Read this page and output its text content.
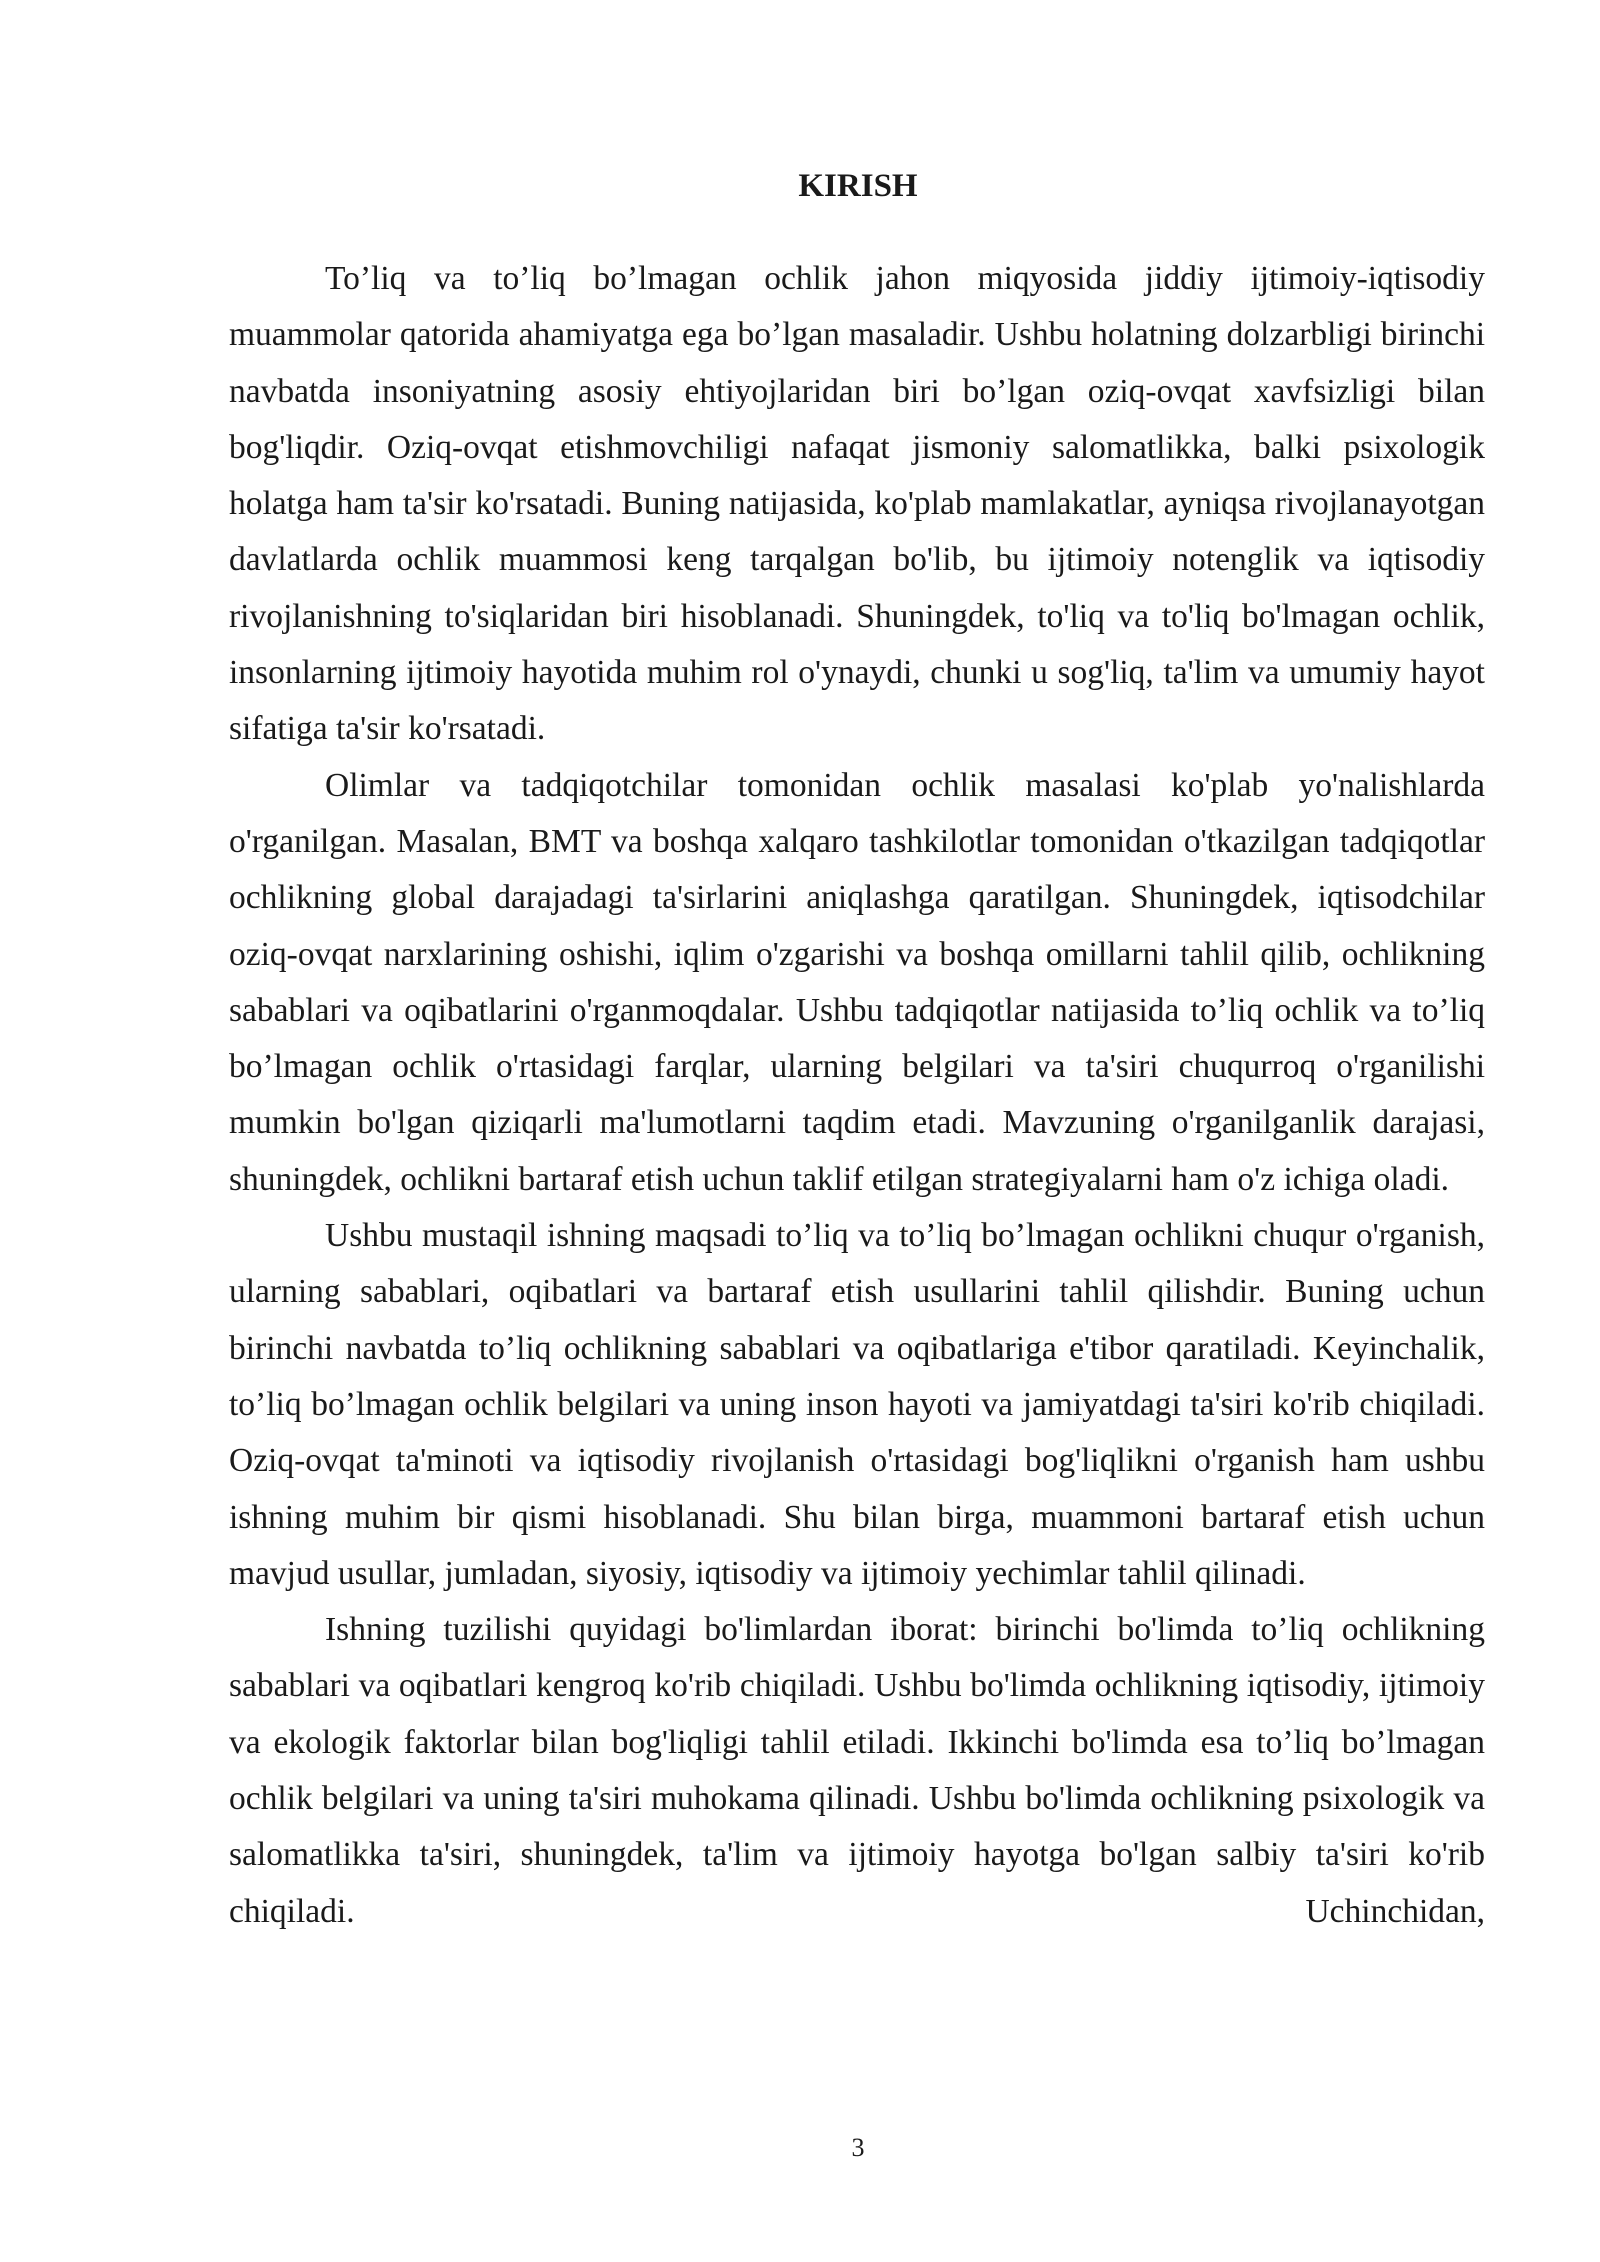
KIRISH

To’liq va to’liq bo’lmagan ochlik jahon miqyosida jiddiy ijtimoiy-iqtisodiy muammolar qatorida ahamiyatga ega bo’lgan masaladir. Ushbu holatning dolzarbligi birinchi navbatda insoniyatning asosiy ehtiyojlaridan biri bo’lgan oziq-ovqat xavfsizligi bilan bog'liqdir. Oziq-ovqat etishmovchiligi nafaqat jismoniy salomatlikka, balki psixologik holatga ham ta'sir ko'rsatadi. Buning natijasida, ko'plab mamlakatlar, ayniqsa rivojlanayotgan davlatlarda ochlik muammosi keng tarqalgan bo'lib, bu ijtimoiy notenglik va iqtisodiy rivojlanishning to'siqlaridan biri hisoblanadi. Shuningdek, to'liq va to'liq bo'lmagan ochlik, insonlarning ijtimoiy hayotida muhim rol o'ynaydi, chunki u sog'liq, ta'lim va umumiy hayot sifatiga ta'sir ko'rsatadi.

Olimlar va tadqiqotchilar tomonidan ochlik masalasi ko'plab yo'nalishlarda o'rganilgan. Masalan, BMT va boshqa xalqaro tashkilotlar tomonidan o'tkazilgan tadqiqotlar ochlikning global darajadagi ta'sirlarini aniqlashga qaratilgan. Shuningdek, iqtisodchilar oziq-ovqat narxlarining oshishi, iqlim o'zgarishi va boshqa omillarni tahlil qilib, ochlikning sabablari va oqibatlarini o'rganmoqdalar. Ushbu tadqiqotlar natijasida to’liq ochlik va to’liq bo’lmagan ochlik o'rtasidagi farqlar, ularning belgilari va ta'siri chuqurroq o'rganilishi mumkin bo'lgan qiziqarli ma'lumotlarni taqdim etadi. Mavzuning o'rganilganlik darajasi, shuningdek, ochlikni bartaraf etish uchun taklif etilgan strategiyalarni ham o'z ichiga oladi.

Ushbu mustaqil ishning maqsadi to’liq va to’liq bo’lmagan ochlikni chuqur o'rganish, ularning sabablari, oqibatlari va bartaraf etish usullarini tahlil qilishdir. Buning uchun birinchi navbatda to’liq ochlikning sabablari va oqibatlariga e'tibor qaratiladi. Keyinchalik, to’liq bo’lmagan ochlik belgilari va uning inson hayoti va jamiyatdagi ta'siri ko'rib chiqiladi. Oziq-ovqat ta'minoti va iqtisodiy rivojlanish o'rtasidagi bog'liqlikni o'rganish ham ushbu ishning muhim bir qismi hisoblanadi. Shu bilan birga, muammoni bartaraf etish uchun mavjud usullar, jumladan, siyosiy, iqtisodiy va ijtimoiy yechimlar tahlil qilinadi.

Ishning tuzilishi quyidagi bo'limlardan iborat: birinchi bo'limda to’liq ochlikning sabablari va oqibatlari kengroq ko'rib chiqiladi. Ushbu bo'limda ochlikning iqtisodiy, ijtimoiy va ekologik faktorlar bilan bog'liqligi tahlil etiladi. Ikkinchi bo'limda esa to’liq bo’lmagan ochlik belgilari va uning ta'siri muhokama qilinadi. Ushbu bo'limda ochlikning psixologik va salomatlikka ta'siri, shuningdek, ta'lim va ijtimoiy hayotga bo'lgan salbiy ta'siri ko'rib chiqiladi. Uchinchidan,

3
